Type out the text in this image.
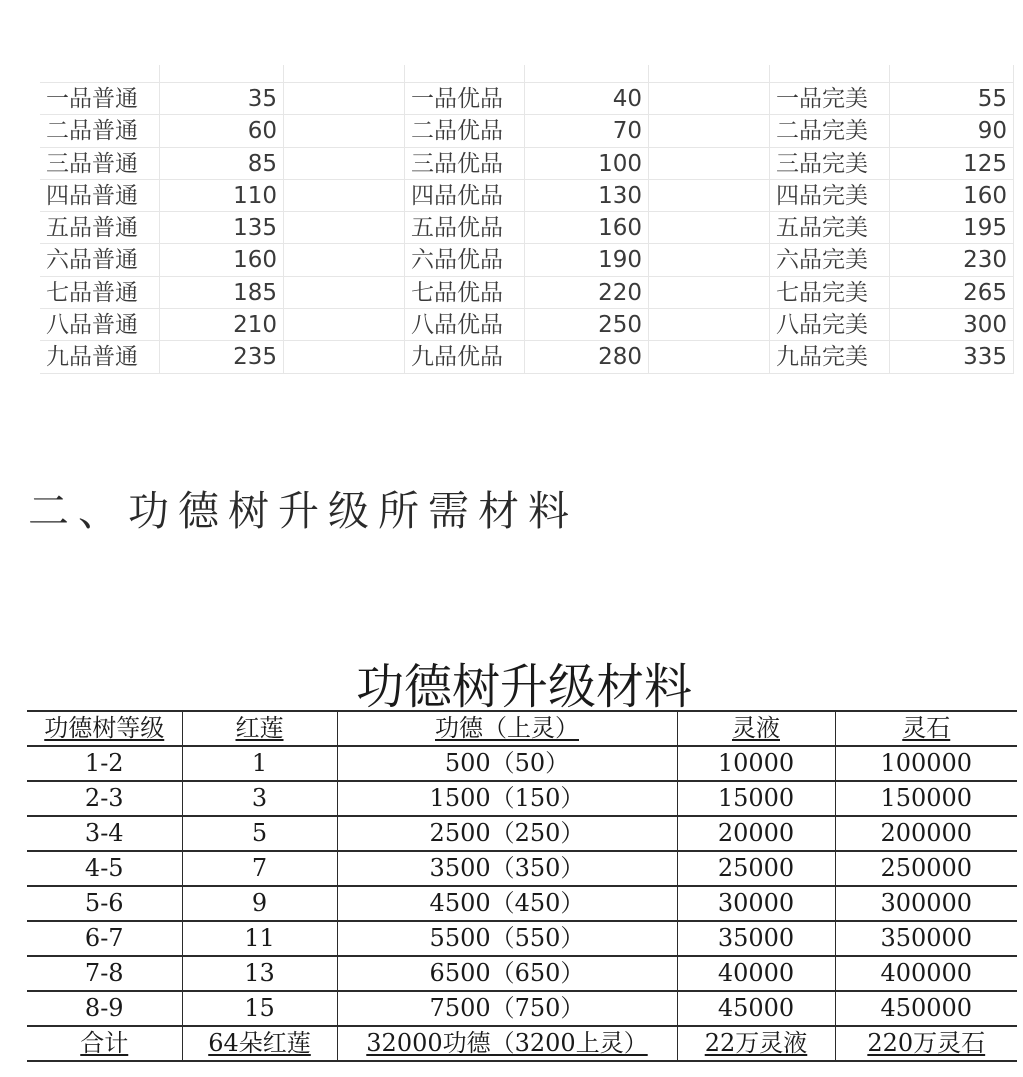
一品普通	35	一品优品	40	一品完美	55
二品普通	60	二品优品	70	二品完美	90
三品普通	85	三品优品	100	三品完美	125
四品普通	110	四品优品	130	四品完美	160
五品普通	135	五品优品	160	五品完美	195
六品普通	160	六品优品	190	六品完美	230
七品普通	185	七品优品	220	七品完美	265
八品普通	210	八品优品	250	八品完美	300
九品普通	235	九品优品	280	九品完美	335
二、功德树升级所需材料
功德树升级材料
功德树等级	红莲	功德（上灵）	灵液	灵石
1-2	1	500（50）	10000	100000
2-3	3	1500（150）	15000	150000
3-4	5	2500（250）	20000	200000
4-5	7	3500（350）	25000	250000
5-6	9	4500（450）	30000	300000
6-7	11	5500（550）	35000	350000
7-8	13	6500（650）	40000	400000
8-9	15	7500（750）	45000	450000
合计	64朵红莲	32000功德（3200上灵）	22万灵液	220万灵石
